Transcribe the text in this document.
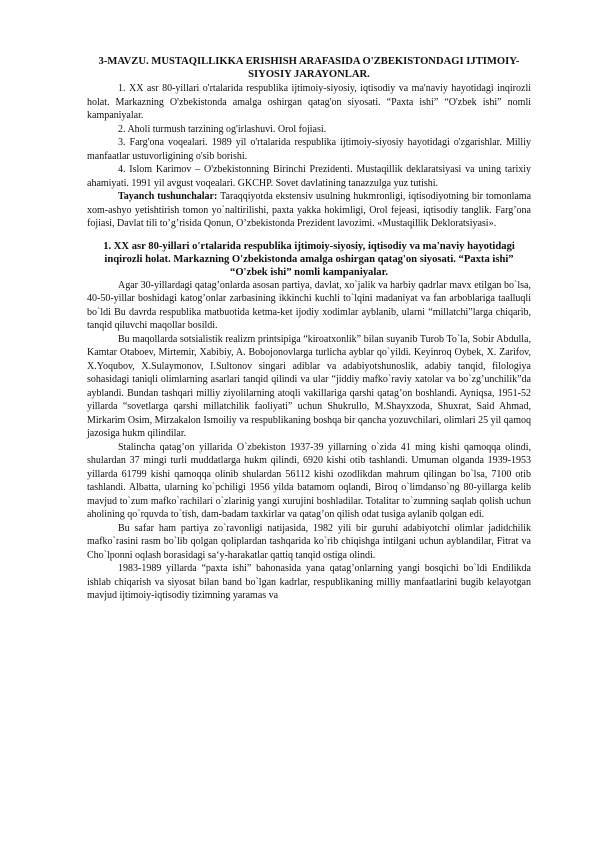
3-MAVZU. MUSTAQILLIKKA ERISHISH ARAFASIDA O'ZBEKISTONDAGI IJTIMOIY-SIYOSIY JARAYONLAR.

1. XX asr 80-yillari o'rtalarida respublika ijtimoiy-siyosiy, iqtisodiy va ma'naviy hayotidagi inqirozli holat. Markazning O'zbekistonda amalga oshirgan qatag'on siyosati. “Paxta ishi” “O'zbek ishi” nomli kampaniyalar.

2. Aholi turmush tarzining og'irlashuvi. Orol fojiasi.

3. Farg'ona voqealari. 1989 yil o'rtalarida respublika ijtimoiy-siyosiy hayotidagi o'zgarishlar. Milliy manfaatlar ustuvorligining o'sib borishi.

4. Islom Karimov – O'zbekistonning Birinchi Prezidenti. Mustaqillik deklaratsiyasi va uning tarixiy ahamiyati. 1991 yil avgust voqealari. GKCHP. Sovet davlatining tanazzulga yuz tutishi.

Tayanch tushunchalar: Taraqqiyotda ekstensiv usulning hukmronligi, iqtisodiyotning bir tomonlama xom-ashyo yetishtirish tomon yo`naltirilishi, paxta yakka hokimligi, Orol fejeasi, iqtisodiy tanglik. Farg’ona fojiasi, Davlat tili to’g’risida Qonun, O’zbekistonda Prezident lavozimi. «Mustaqillik Dekloratsiyasi».

1. XX asr 80-yillari o'rtalarida respublika ijtimoiy-siyosiy, iqtisodiy va ma'naviy hayotidagi inqirozli holat. Markazning O'zbekistonda amalga oshirgan qatag'on siyosati. “Paxta ishi” “O'zbek ishi” nomli kampaniyalar.

Agar 30-yillardagi qatag’onlarda asosan partiya, davlat, xo`jalik va harbiy qadrlar mavx etilgan bo`lsa, 40-50-yillar boshidagi katog’onlar zarbasining ikkinchi kuchli to`lqini madaniyat va fan arboblariga taalluqli bo`ldi Bu davrda respublika matbuotida ketma-ket ijodiy xodimlar ayblanib, ularni “millatchi”larga chiqarib, tanqid qiluvchi maqollar bosildi.

Bu maqollarda sotsialistik realizm printsipiga “kiroatxonlik” bilan suyanib Turob To`la, Sobir Abdulla, Kamtar Otaboev, Mirtemir, Xabibiy, A. Bobojonovlarga turlicha ayblar qo`yildi. Keyinroq Oybek, X. Zarifov, X.Yoqubov, X.Sulaymonov, I.Sultonov singari adiblar va adabiyotshunoslik, adabiy tanqid, filologiya sohasidagi taniqli olimlarning asarlari tanqid qilindi va ular “jiddiy mafko`raviy xatolar va bo`zg’unchilik”da ayblandi. Bundan tashqari milliy ziyolilarning atoqli vakillariga qarshi qatag’on boshlandi. Ayniqsa, 1951-52 yillarda “sovetlarga qarshi millatchilik faoliyati” uchun Shukrullo, M.Shayxzoda, Shuxrat, Said Ahmad, Mirkarim Osim, Mirzakalon Ismoiliy va respublikaning boshqa bir qancha yozuvchilari, olimlari 25 yil qamoq jazosiga hukm qilindilar.

Stalincha qatag’on yillarida O`zbekiston 1937-39 yillarning o`zida 41 ming kishi qamoqqa olindi, shulardan 37 mingi turli muddatlarga hukm qilindi, 6920 kishi otib tashlandi. Umuman olganda 1939-1953 yillarda 61799 kishi qamoqqa olinib shulardan 56112 kishi ozodlikdan mahrum qilingan bo`lsa, 7100 otib tashlandi. Albatta, ularning ko`pchiligi 1956 yilda batamom oqlandi, Biroq o`limdanso`ng 80-yillarga kelib mavjud to`zum mafko`rachilari o`zlarinig yangi xurujini boshladilar. Totalitar to`zumning saqlab qolish uchun aholining qo`rquvda to`tish, dam-badam taxkirlar va qatag’on qilish odat tusiga aylanib qolgan edi.

Bu safar ham partiya zo`ravonligi natijasida, 1982 yili bir guruhi adabiyotchi olimlar jadidchilik mafko`rasini rasm bo`lib qolgan qoliplardan tashqarida ko`rib chiqishga intilgani uchun ayblandilar, Fitrat va Cho`lponni oqlash borasidagi sa‘y-harakatlar qattiq tanqid ostiga olindi.

1983-1989 yillarda “paxta ishi” bahonasida yana qatag’onlarning yangi bosqichi bo`ldi Endilikda ishlab chiqarish va siyosat bilan band bo`lgan kadrlar, respublikaning milliy manfaatlarini bugib kelayotgan mavjud ijtimoiy-iqtisodiy tizimning yaramas va
